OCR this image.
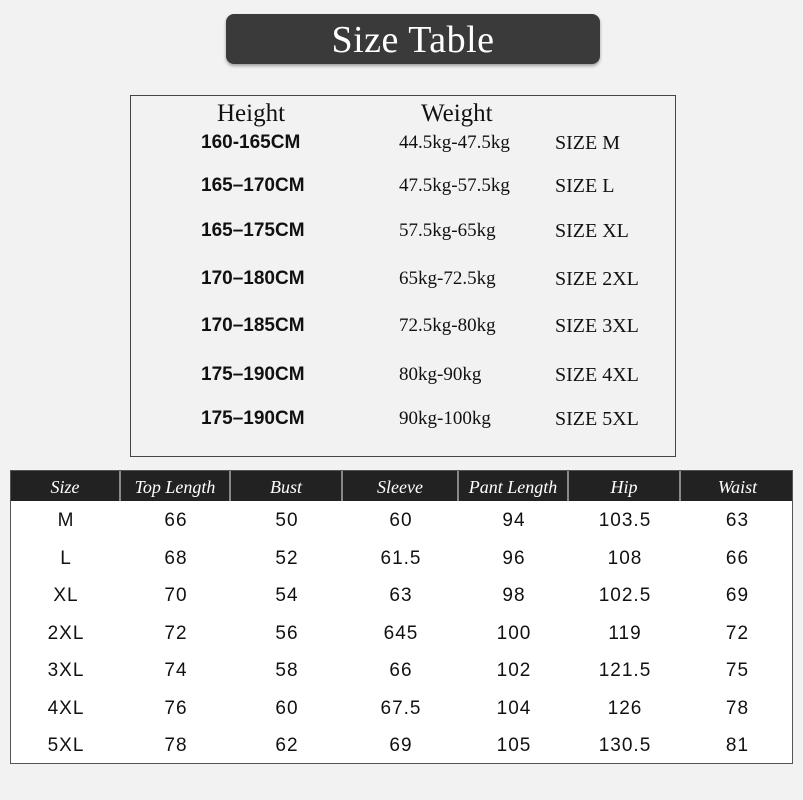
Size Table
Height	Weight
160-165CM	44.5kg-47.5kg SIZE M
165–170CM	47.5kg-57.5kg SIZE L
165–175CM	57.5kg-65kg	SIZE XL
170–180CM	65kg-72.5kg	SIZE 2XL
170–185CM	72.5kg-80kg	SIZE 3XL
175–190CM	80kg-90kg	SIZE 4XL
175–190CM	90kg-100kg	SIZE 5XL
Size	Top Length	Bust	Sleeve	Pant Length	Hip	Waist
M	66	50	60	94	103.5	63
L	68	52	61.5	96	108	66
XL	70	54	63	98	102.5	69
2XL	72	56	645	100	119	72
3XL	74	58	66	102	121.5	75
4XL	76	60	67.5	104	126	78
5XL	78	62	69	105	130.5	81
